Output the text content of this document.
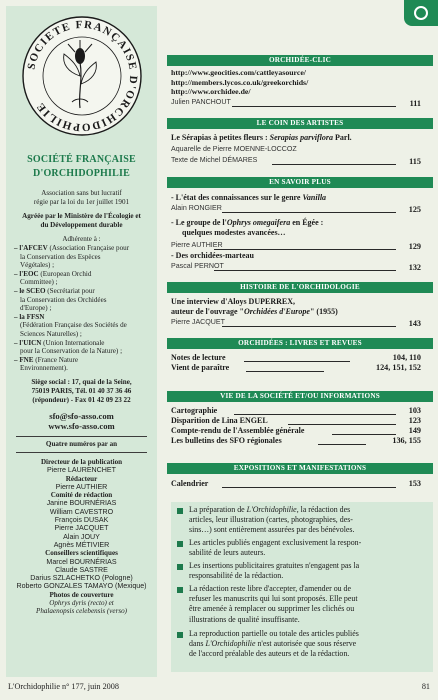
SOCIETE FRANÇAISE D'ORCHIDOPHILIE
SOCIÉTÉ FRANÇAISE
D'ORCHIDOPHILIE
Association sans but lucratif
régie par la loi du 1er juillet 1901
Agréée par le Ministère de l'Écologie et
du Développement durable
Adhérente à :
– l'AFCEV (Association Française pour
la Conservation des Espèces
Végétales) ;
– l'EOC (European Orchid
Committee) ;
– le SCEO (Secrétariat pour
la Conservation des Orchidées
d'Europe) ;
– la FFSN
(Fédération Française des Sociétés de
Sciences Naturelles) ;
– l'UICN (Union Internationale
pour la Conservation de la Nature) ;
– FNE (France Nature
Environnement).
Siège social : 17, quai de la Seine,
75019 PARIS, Tél. 01 40 37 36 46
(répondeur) - Fax 01 42 09 23 22
sfo@sfo-asso.com
www.sfo-asso.com
Quatre numéros par an
Directeur de la publication
Pierre LAURENCHET
Rédacteur
Pierre AUTHIER
Comité de rédaction
Janine BOURNÉRIAS
William CAVESTRO
François DUSAK
Pierre JACQUET
Alain JOUY
Agnès MÉTIVIER
Conseillers scientifiques
Marcel BOURNÉRIAS
Claude SASTRE
Darius SZLACHETKO (Pologne)
Roberto GONZALES TAMAYO (Mexique)
Photos de couverture
Ophrys dyris (recto) et
Phalaenopsis celebensis (verso)
ORCHIDÉE-CLIC
http://www.geocities.com/cattleyasource/
http://members.lycos.co.uk/greekorchids/
http://www.orchidee.de/
Julien PANCHOUT	111
LE COIN DES ARTISTES
Le Sérapias à petites fleurs : Serapias parviflora Parl.
Aquarelle de Pierre MOENNE-LOCCOZ
Texte de Michel DÉMARES	115
EN SAVOIR PLUS
- L'état des connaissances sur le genre Vanilla
Alain RONGIER	125
- Le groupe de l'Ophrys omegaifera en Égée :
quelques modestes avancées…
Pierre AUTHIER	129
- Des orchidées-marteau
Pascal PERNOT	132
HISTOIRE DE L'ORCHIDOLOGIE
Une interview d'Aloys DUPERREX,
auteur de l'ouvrage "Orchidées d'Europe" (1955)
Pierre JACQUET	143
ORCHIDÉES : LIVRES ET REVUES
Notes de lecture	104, 110
Vient de paraître	124, 151, 152
VIE DE LA SOCIÉTÉ ET/OU INFORMATIONS
Cartographie	103
Disparition de Lina ENGEL	123
Compte-rendu de l'Assemblée générale	149
Les bulletins des SFO régionales	136, 155
EXPOSITIONS ET MANIFESTATIONS
Calendrier	153
La préparation de L'Orchidophilie, la rédaction des
articles, leur illustration (cartes, photographies, des-
sins…) sont entièrement assurées par des bénévoles.
Les articles publiés engagent exclusivement la respon-
sabilité de leurs auteurs.
Les insertions publicitaires gratuites n'engagent pas la
responsabilité de la rédaction.
La rédaction reste libre d'accepter, d'amender ou de
refuser les manuscrits qui lui sont proposés. Elle peut
être amenée à remplacer ou supprimer les clichés ou
illustrations de qualité insuffisante.
La reproduction partielle ou totale des articles publiés
dans L'Orchidophilie n'est autorisée que sous réserve
de l'accord préalable des auteurs et de la rédaction.
L'Orchidophilie n° 177, juin 2008	81
